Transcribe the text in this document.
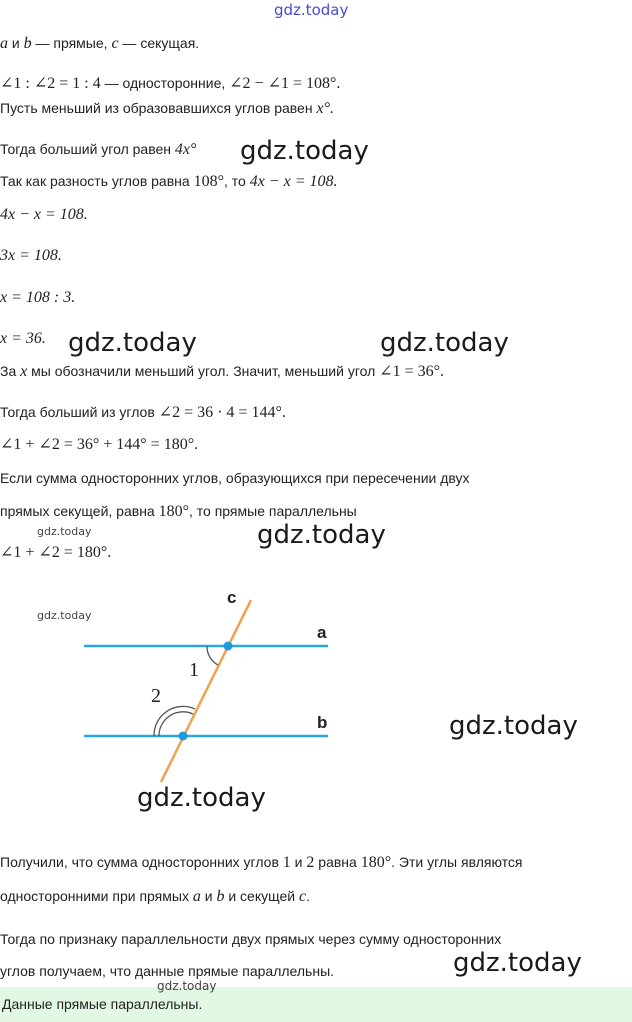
gdz.today
a и b — прямые, c — секущая.
∠1 : ∠2 = 1 : 4 — односторонние, ∠2 − ∠1 = 108°.
Пусть меньший из образовавшихся углов равен x°.
Тогда больший угол равен 4x° gdz.today
Так как разность углов равна 108°, то 4x − x = 108.
4x − x = 108.
3x = 108.
x = 108 : 3.
x = 36. gdz.today	gdz.today
За x мы обозначили меньший угол. Значит, меньший угол ∠1 = 36°.
Тогда больший из углов ∠2 = 36 · 4 = 144°.
∠1 + ∠2 = 36° + 144° = 180°.
Если сумма односторонних углов, образующихся при пересечении двух
прямых секущей, равна 180°, то прямые параллельны
gdz.today
∠1 + ∠2 = 180°.
gdz.today
gdz.today
c
a
b
1
2
gdz.today
gdz.today
Получили, что сумма односторонних углов 1 и 2 равна 180°. Эти углы являются
односторонними при прямых a и b и секущей c.
Тогда по признаку параллельности двух прямых через сумму односторонних
углов получаем, что данные прямые параллельны.	gdz.today
Данные прямые параллельны.
gdz.today
